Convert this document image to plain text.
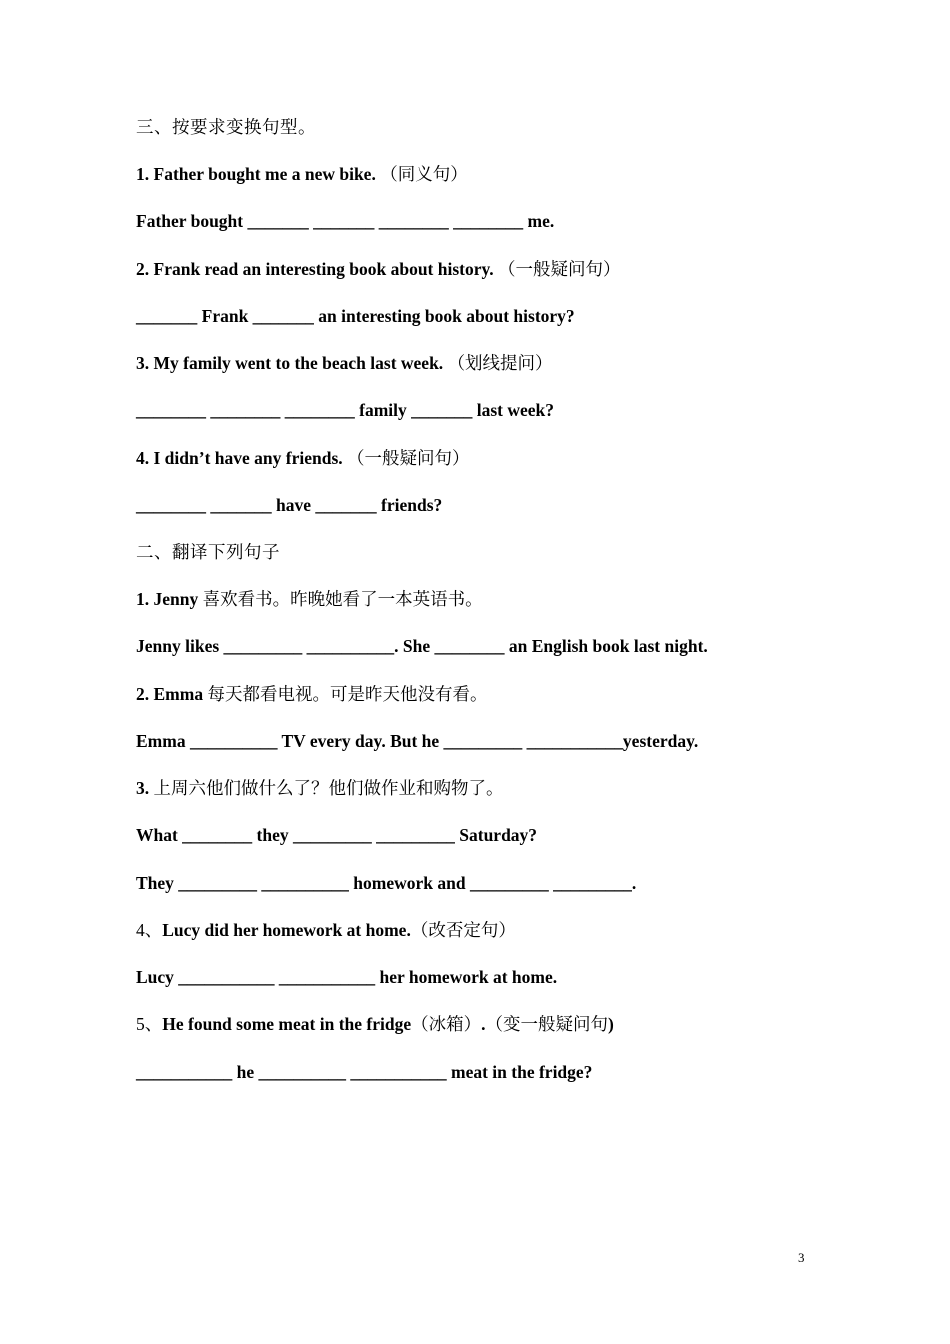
三、按要求变换句型。
1. Father bought me a new bike. （同义句）
Father bought _______ _______ ________ ________ me.
2. Frank read an interesting book about history. （一般疑问句）
_______ Frank _______ an interesting book about history?
3. My family went to the beach last week. （划线提问）
________ ________ ________ family _______ last week?
4. I didn’t have any friends. （一般疑问句）
________ _______ have _______ friends?
二、翻译下列句子
1. Jenny 喜欢看书。昨晚她看了一本英语书。
Jenny likes _________ __________. She ________ an English book last night.
2. Emma 每天都看电视。可是昨天他没有看。
Emma __________ TV every day. But he _________ ___________yesterday.
3. 上周六他们做什么了？他们做作业和购物了。
What ________ they _________ _________ Saturday?
They _________ __________ homework and _________ _________.
4、Lucy did her homework at home.（改否定句）
Lucy ___________ ___________ her homework at home.
5、He found some meat in the fridge（冰箱）.（变一般疑问句)
___________ he __________ ___________ meat in the fridge?
3
